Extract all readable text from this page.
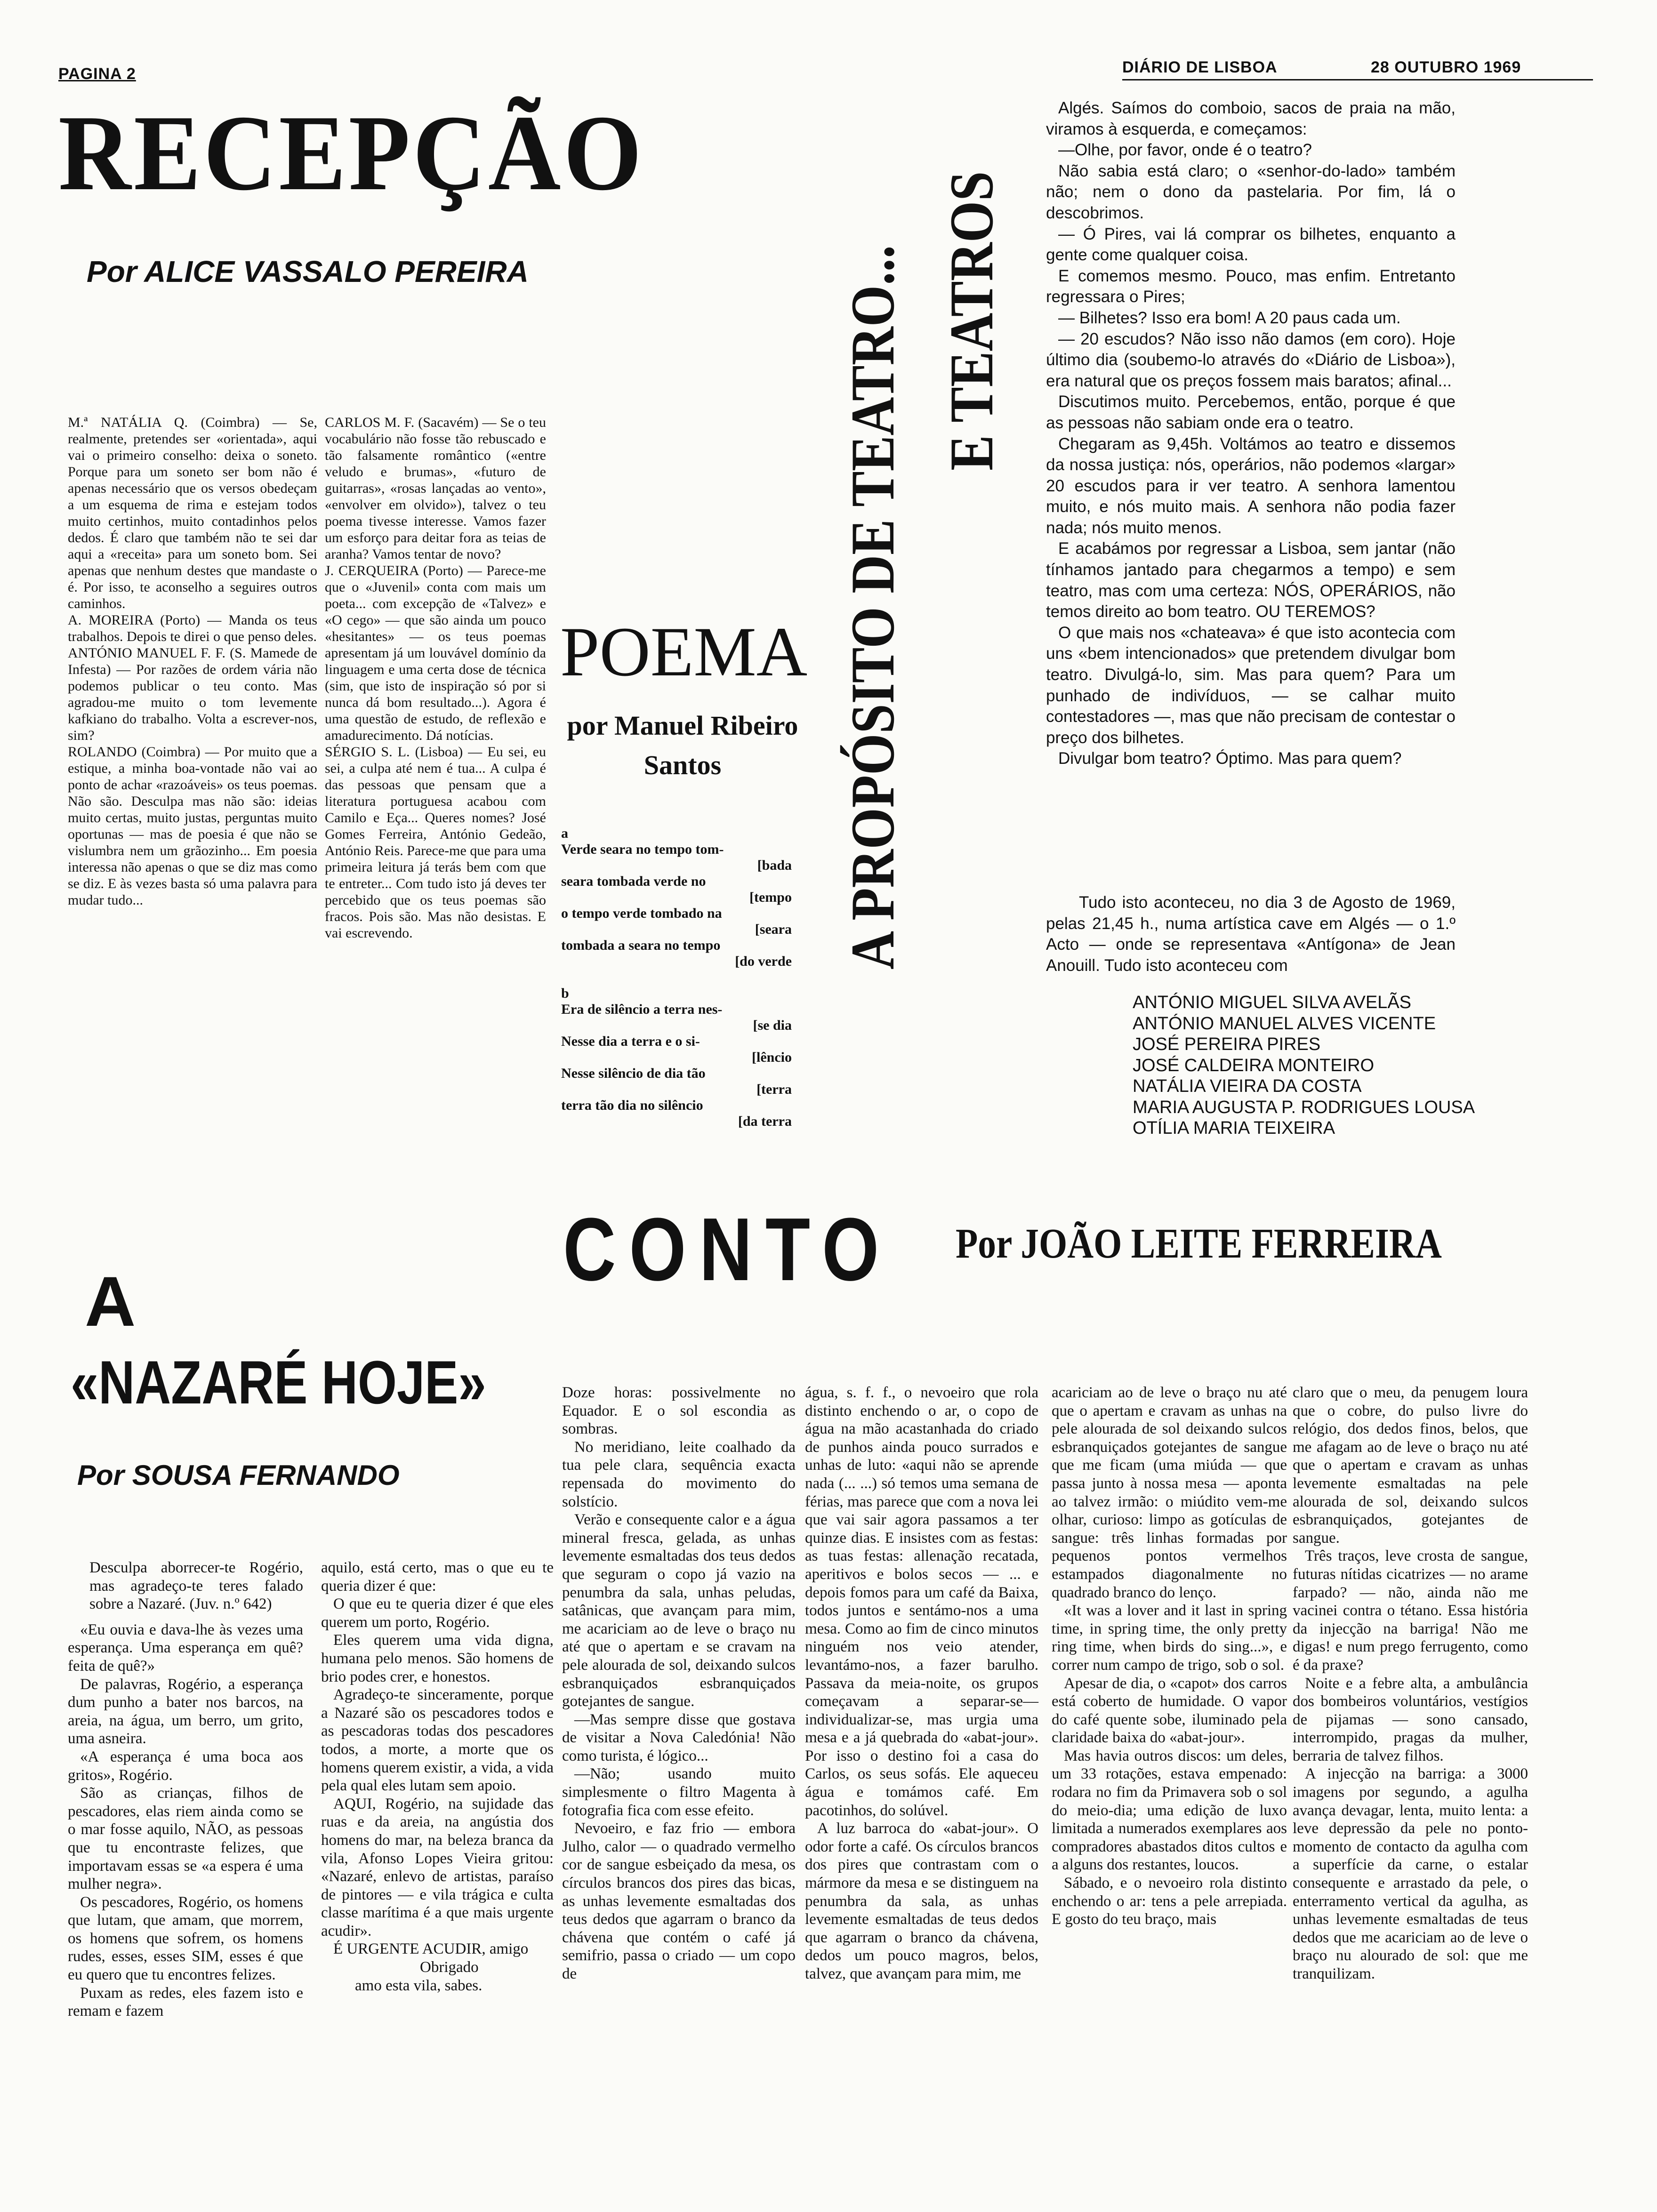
PAGINA 2	DIÁRIO DE LISBOA	28 OUTUBRO 1969
RECEPÇÃO
Por ALICE VASSALO PEREIRA

M.ª NATÁLIA Q. (Coimbra) — Se, realmente, pretendes ser «orientada», aqui vai o primeiro conselho: deixa o soneto. Porque para um soneto ser bom não é apenas necessário que os versos obedeçam a um esquema de rima e estejam todos muito certinhos, muito contadinhos pelos dedos. É claro que também não te sei dar aqui a «receita» para um soneto bom. Sei apenas que nenhum destes que mandaste o é. Por isso, te aconselho a seguires outros caminhos.

A. MOREIRA (Porto) — Manda os teus trabalhos. Depois te direi o que penso deles.

ANTÓNIO MANUEL F. F. (S. Mamede de Infesta) — Por razões de ordem vária não podemos publicar o teu conto. Mas agradou-me muito o tom levemente kafkiano do trabalho. Volta a escrever-nos, sim?

ROLANDO (Coimbra) — Por muito que a estique, a minha boa-vontade não vai ao ponto de achar «razoáveis» os teus poemas. Não são. Desculpa mas não são: ideias muito certas, muito justas, perguntas muito oportunas — mas de poesia é que não se vislumbra nem um grãozinho... Em poesia interessa não apenas o que se diz mas como se diz. E às vezes basta só uma palavra para mudar tudo...

CARLOS M. F. (Sacavém) — Se o teu vocabulário não fosse tão rebuscado e tão falsamente romântico («entre veludo e brumas», «futuro de guitarras», «rosas lançadas ao vento», «envolver em olvido»), talvez o teu poema tivesse interesse. Vamos fazer um esforço para deitar fora as teias de aranha? Vamos tentar de novo?

J. CERQUEIRA (Porto) — Parece-me que o «Juvenil» conta com mais um poeta... com excepção de «Talvez» e «O cego» — que são ainda um pouco «hesitantes» — os teus poemas apresentam já um louvável domínio da linguagem e uma certa dose de técnica (sim, que isto de inspiração só por si nunca dá bom resultado...). Agora é uma questão de estudo, de reflexão e amadurecimento. Dá notícias.

SÉRGIO S. L. (Lisboa) — Eu sei, eu sei, a culpa até nem é tua... A culpa é das pessoas que pensam que a literatura portuguesa acabou com Camilo e Eça... Queres nomes? José Gomes Ferreira, António Gedeão, António Reis. Parece-me que para uma primeira leitura já terás bem com que te entreter... Com tudo isto já deves ter percebido que os teus poemas são fracos. Pois são. Mas não desistas. E vai escrevendo.

POEMA
por Manuel Ribeiro
Santos

a

Verde seara no tempo tom-

[bada

seara tombada verde no

[tempo

o tempo verde tombado na

[seara

tombada a seara no tempo

[do verde

b

Era de silêncio a terra nes-

[se dia

Nesse dia a terra e o si-

[lêncio

Nesse silêncio de dia tão

[terra

terra tão dia no silêncio

[da terra

A PROPÓSITO DE TEATRO... E TEATROS

Algés. Saímos do comboio, sacos de praia na mão, viramos à esquerda, e começamos:

—Olhe, por favor, onde é o teatro?

Não sabia está claro; o «senhor-do-lado» também não; nem o dono da pastelaria. Por fim, lá o descobrimos.

— Ó Pires, vai lá comprar os bilhetes, enquanto a gente come qualquer coisa.

E comemos mesmo. Pouco, mas enfim. Entretanto regressara o Pires;

— Bilhetes? Isso era bom! A 20 paus cada um.

— 20 escudos? Não isso não damos (em coro). Hoje último dia (soubemo-lo através do «Diário de Lisboa»), era natural que os preços fossem mais baratos; afinal...

Discutimos muito. Percebemos, então, porque é que as pessoas não sabiam onde era o teatro.

Chegaram as 9,45h. Voltámos ao teatro e dissemos da nossa justiça: nós, operários, não podemos «largar» 20 escudos para ir ver teatro. A senhora lamentou muito, e nós muito mais. A senhora não podia fazer nada; nós muito menos.

E acabámos por regressar a Lisboa, sem jantar (não tínhamos jantado para chegarmos a tempo) e sem teatro, mas com uma certeza: NÓS, OPERÁRIOS, não temos direito ao bom teatro. OU TEREMOS?

O que mais nos «chateava» é que isto acontecia com uns «bem intencionados» que pretendem divulgar bom teatro. Divulgá-lo, sim. Mas para quem? Para um punhado de indivíduos, — se calhar muito contestadores —, mas que não precisam de contestar o preço dos bilhetes.

Divulgar bom teatro? Óptimo. Mas para quem?

Tudo isto aconteceu, no dia 3 de Agosto de 1969, pelas 21,45 h., numa artística cave em Algés — o 1.º Acto — onde se representava «Antígona» de Jean Anouill. Tudo isto aconteceu com

ANTÓNIO MIGUEL SILVA AVELÃS

ANTÓNIO MANUEL ALVES VICENTE

JOSÉ PEREIRA PIRES

JOSÉ CALDEIRA MONTEIRO

NATÁLIA VIEIRA DA COSTA

MARIA AUGUSTA P. RODRIGUES LOUSA

OTÍLIA MARIA TEIXEIRA

CONTO Por JOÃO LEITE FERREIRA
A
«NAZARÉ HOJE»
Por SOUSA FERNANDO

Desculpa aborrecer-te Rogério, mas agradeço-te teres falado sobre a Nazaré. (Juv. n.º 642)

«Eu ouvia e dava-lhe às vezes uma esperança. Uma esperança em quê? feita de quê?»

De palavras, Rogério, a esperança dum punho a bater nos barcos, na areia, na água, um berro, um grito, uma asneira.

«A esperança é uma boca aos gritos», Rogério.

São as crianças, filhos de pescadores, elas riem ainda como se o mar fosse aquilo, NÃO, as pessoas que tu encontraste felizes, que importavam essas se «a espera é uma mulher negra».

Os pescadores, Rogério, os homens que lutam, que amam, que morrem, os homens que sofrem, os homens rudes, esses, esses SIM, esses é que eu quero que tu encontres felizes.

Puxam as redes, eles fazem isto e remam e fazem

aquilo, está certo, mas o que eu te queria dizer é que:

O que eu te queria dizer é que eles querem um porto, Rogério.

Eles querem uma vida digna, humana pelo menos. São homens de brio podes crer, e honestos.

Agradeço-te sinceramente, porque a Nazaré são os pescadores todos e as pescadoras todas dos pescadores todos, a morte, a morte que os homens querem existir, a vida, a vida pela qual eles lutam sem apoio.

AQUI, Rogério, na sujidade das ruas e da areia, na angústia dos homens do mar, na beleza branca da vila, Afonso Lopes Vieira gritou: «Nazaré, enlevo de artistas, paraíso de pintores — e vila trágica e culta classe marítima é a que mais urgente acudir».

É URGENTE ACUDIR, amigo

Obrigado

amo esta vila, sabes.

Doze horas: possivelmente no Equador. E o sol escondia as sombras.

No meridiano, leite coalhado da tua pele clara, sequência exacta repensada do movimento do solstício.

Verão e consequente calor e a água mineral fresca, gelada, as unhas levemente esmaltadas dos teus dedos que seguram o copo já vazio na penumbra da sala, unhas peludas, satânicas, que avançam para mim, me acariciam ao de leve o braço nu até que o apertam e se cravam na pele alourada de sol, deixando sulcos esbranquiçados esbranquiçados gotejantes de sangue.

—Mas sempre disse que gostava de visitar a Nova Caledónia! Não como turista, é lógico...

—Não; usando muito simplesmente o filtro Magenta à fotografia fica com esse efeito.

Nevoeiro, e faz frio — embora Julho, calor — o quadrado vermelho cor de sangue esbeiçado da mesa, os círculos brancos dos pires das bicas, as unhas levemente esmaltadas dos teus dedos que agarram o branco da chávena que contém o café já semifrio, passa o criado — um copo de

água, s. f. f., o nevoeiro que rola distinto enchendo o ar, o copo de água na mão acastanhada do criado de punhos ainda pouco surrados e unhas de luto: «aqui não se aprende nada (... ...) só temos uma semana de férias, mas parece que com a nova lei que vai sair agora passamos a ter quinze dias. E insistes com as festas: as tuas festas: allenação recatada, aperitivos e bolos secos — ... e depois fomos para um café da Baixa, todos juntos e sentámo-nos a uma mesa. Como ao fim de cinco minutos ninguém nos veio atender, levantámo-nos, a fazer barulho. Passava da meia-noite, os grupos começavam a separar-se—individualizar-se, mas urgia uma mesa e a já quebrada do «abat-jour». Por isso o destino foi a casa do Carlos, os seus sofás. Ele aqueceu água e tomámos café. Em pacotinhos, do solúvel.

A luz barroca do «abat-jour». O odor forte a café. Os círculos brancos dos pires que contrastam com o mármore da mesa e se distinguem na penumbra da sala, as unhas levemente esmaltadas de teus dedos que agarram o branco da chávena, dedos um pouco magros, belos, talvez, que avançam para mim, me

acariciam ao de leve o braço nu até que o apertam e cravam as unhas na pele alourada de sol deixando sulcos esbranquiçados gotejantes de sangue que me ficam (uma miúda — que passa junto à nossa mesa — aponta ao talvez irmão: o miúdito vem-me olhar, curioso: limpo as gotículas de sangue: três linhas formadas por pequenos pontos vermelhos estampados diagonalmente no quadrado branco do lenço.

«It was a lover and it last in spring time, in spring time, the only pretty ring time, when birds do sing...», e correr num campo de trigo, sob o sol.

Apesar de dia, o «capot» dos carros está coberto de humidade. O vapor do café quente sobe, iluminado pela claridade baixa do «abat-jour».

Mas havia outros discos: um deles, um 33 rotações, estava empenado: rodara no fim da Primavera sob o sol do meio-dia; uma edição de luxo limitada a numerados exemplares aos compradores abastados ditos cultos e a alguns dos restantes, loucos.

Sábado, e o nevoeiro rola distinto enchendo o ar: tens a pele arrepiada. E gosto do teu braço, mais

claro que o meu, da penugem loura que o cobre, do pulso livre do relógio, dos dedos finos, belos, que me afagam ao de leve o braço nu até que o apertam e cravam as unhas levemente esmaltadas na pele alourada de sol, deixando sulcos esbranquiçados, gotejantes de sangue.

Três traços, leve crosta de sangue, futuras nítidas cicatrizes — no arame farpado? — não, ainda não me vacinei contra o tétano. Essa história da injecção na barriga! Não me digas! e num prego ferrugento, como é da praxe?

Noite e a febre alta, a ambulância dos bombeiros voluntários, vestígios de pijamas — sono cansado, interrompido, pragas da mulher, berraria de talvez filhos.

A injecção na barriga: a 3000 imagens por segundo, a agulha avança devagar, lenta, muito lenta: a leve depressão da pele no ponto-momento de contacto da agulha com a superfície da carne, o estalar consequente e arrastado da pele, o enterramento vertical da agulha, as unhas levemente esmaltadas de teus dedos que me acariciam ao de leve o braço nu alourado de sol: que me tranquilizam.
